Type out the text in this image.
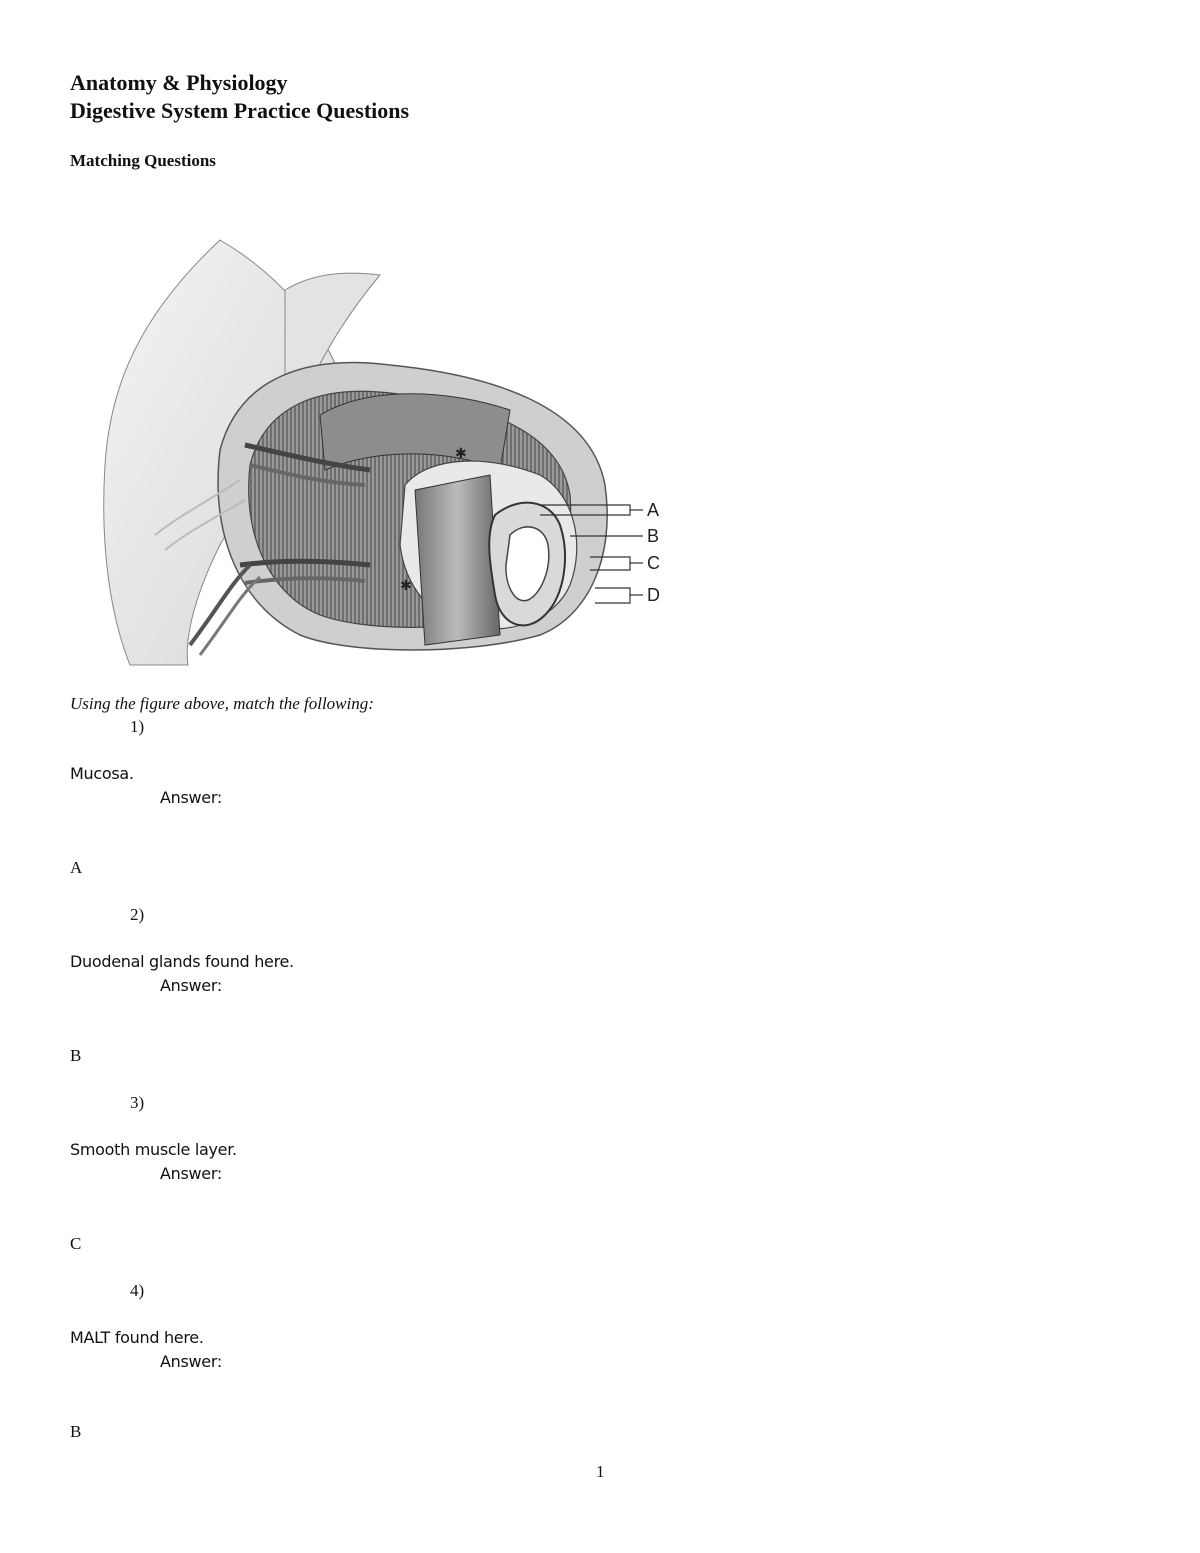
Anatomy & Physiology
Digestive System Practice Questions
Matching Questions
✱
✱
A
B
C
D
Using the figure above, match the following:
1)
Mucosa.
Answer:
A
2)
Duodenal glands found here.
Answer:
B
3)
Smooth muscle layer.
Answer:
C
4)
MALT found here.
Answer:
B
1
